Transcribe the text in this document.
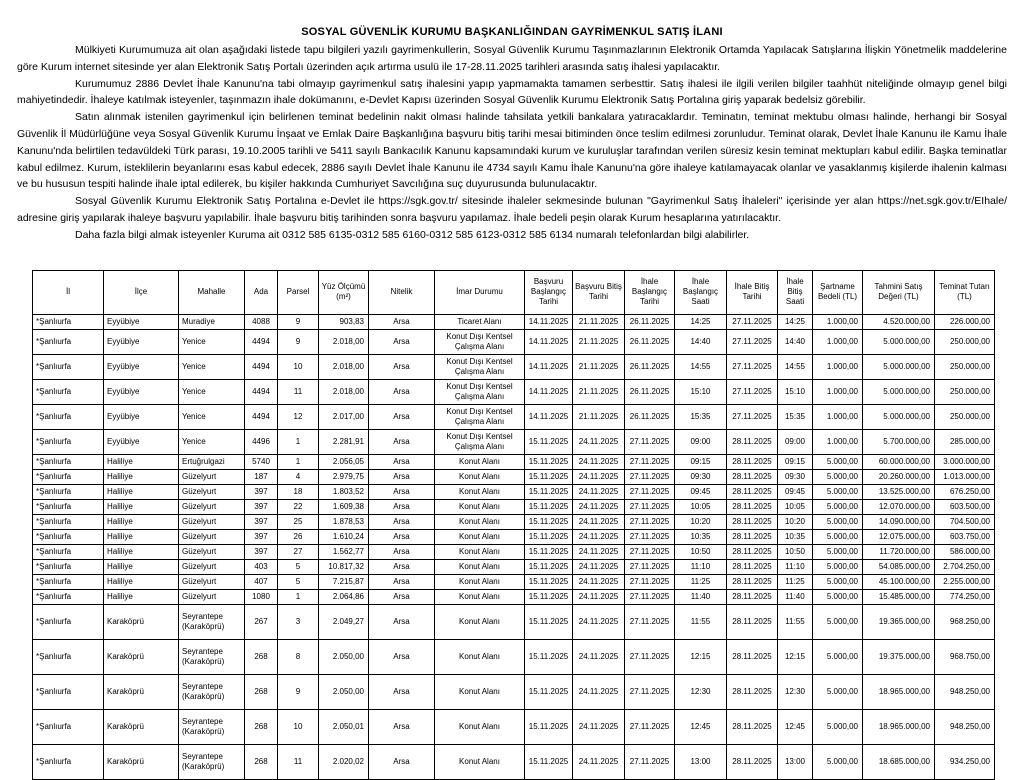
SOSYAL GÜVENLİK KURUMU BAŞKANLIĞINDAN GAYRİMENKUL SATIŞ İLANI

Mülkiyeti Kurumumuza ait olan aşağıdaki listede tapu bilgileri yazılı gayrimenkullerin, Sosyal Güvenlik Kurumu Taşınmazlarının Elektronik Ortamda Yapılacak Satışlarına İlişkin Yönetmelik maddelerine göre Kurum internet sitesinde yer alan Elektronik Satış Portalı üzerinden açık artırma usulü ile 17-28.11.2025 tarihleri arasında satış ihalesi yapılacaktır.

Kurumumuz 2886 Devlet İhale Kanunu'na tabi olmayıp gayrimenkul satış ihalesini yapıp yapmamakta tamamen serbesttir. Satış ihalesi ile ilgili verilen bilgiler taahhüt niteliğinde olmayıp genel bilgi mahiyetindedir. İhaleye katılmak isteyenler, taşınmazın ihale dokümanını, e-Devlet Kapısı üzerinden Sosyal Güvenlik Kurumu Elektronik Satış Portalına giriş yaparak bedelsiz görebilir.

Satın alınmak istenilen gayrimenkul için belirlenen teminat bedelinin nakit olması halinde tahsilata yetkili bankalara yatıracaklardır. Teminatın, teminat mektubu olması halinde, herhangi bir Sosyal Güvenlik İl Müdürlüğüne veya Sosyal Güvenlik Kurumu İnşaat ve Emlak Daire Başkanlığına başvuru bitiş tarihi mesai bitiminden önce teslim edilmesi zorunludur. Teminat olarak, Devlet İhale Kanunu ile Kamu İhale Kanunu'nda belirtilen tedavüldeki Türk parası, 19.10.2005 tarihli ve 5411 sayılı Bankacılık Kanunu kapsamındaki kurum ve kuruluşlar tarafından verilen süresiz kesin teminat mektupları kabul edilir. Başka teminatlar kabul edilmez. Kurum, isteklilerin beyanlarını esas kabul edecek, 2886 sayılı Devlet İhale Kanunu ile 4734 sayılı Kamu İhale Kanunu'na göre ihaleye katılamayacak olanlar ve yasaklanmış kişilerde ihalenin kalması ve bu hususun tespiti halinde ihale iptal edilerek, bu kişiler hakkında Cumhuriyet Savcılığına suç duyurusunda bulunulacaktır.

Sosyal Güvenlik Kurumu Elektronik Satış Portalına e-Devlet ile https://sgk.gov.tr/ sitesinde ihaleler sekmesinde bulunan "Gayrimenkul Satış İhaleleri" içerisinde yer alan https://net.sgk.gov.tr/EIhale/ adresine giriş yapılarak ihaleye başvuru yapılabilir. İhale başvuru bitiş tarihinden sonra başvuru yapılamaz. İhale bedeli peşin olarak Kurum hesaplarına yatırılacaktır.

Daha fazla bilgi almak isteyenler Kuruma ait 0312 585 6135-0312 585 6160-0312 585 6123-0312 585 6134 numaralı telefonlardan bilgi alabilirler.

İl	İlçe	Mahalle	Ada	Parsel	Yüz Ölçümü (m²)	Nitelik	İmar Durumu	Başvuru Başlangıç Tarihi	Başvuru Bitiş Tarihi	İhale Başlangıç Tarihi	İhale Başlangıç Saati	İhale Bitiş Tarihi	İhale Bitiş Saati	Şartname Bedeli (TL)	Tahmini Satış Değeri (TL)	Teminat Tutarı (TL)
*Şanlıurfa	Eyyübiye	Muradiye	4088	9	903,83	Arsa	Ticaret Alanı	14.11.2025	21.11.2025	26.11.2025	14:25	27.11.2025	14:25	1.000,00	4.520.000,00	226.000,00
*Şanlıurfa	Eyyübiye	Yenice	4494	9	2.018,00	Arsa	Konut Dışı Kentsel Çalışma Alanı	14.11.2025	21.11.2025	26.11.2025	14:40	27.11.2025	14:40	1.000,00	5.000.000,00	250.000,00
*Şanlıurfa	Eyyübiye	Yenice	4494	10	2.018,00	Arsa	Konut Dışı Kentsel Çalışma Alanı	14.11.2025	21.11.2025	26.11.2025	14:55	27.11.2025	14:55	1.000,00	5.000.000,00	250.000,00
*Şanlıurfa	Eyyübiye	Yenice	4494	11	2.018,00	Arsa	Konut Dışı Kentsel Çalışma Alanı	14.11.2025	21.11.2025	26.11.2025	15:10	27.11.2025	15:10	1.000,00	5.000.000,00	250.000,00
*Şanlıurfa	Eyyübiye	Yenice	4494	12	2.017,00	Arsa	Konut Dışı Kentsel Çalışma Alanı	14.11.2025	21.11.2025	26.11.2025	15:35	27.11.2025	15:35	1.000,00	5.000.000,00	250.000,00
*Şanlıurfa	Eyyübiye	Yenice	4496	1	2.281,91	Arsa	Konut Dışı Kentsel Çalışma Alanı	15.11.2025	24.11.2025	27.11.2025	09:00	28.11.2025	09:00	1.000,00	5.700.000,00	285.000,00
*Şanlıurfa	Haliliye	Ertuğrulgazi	5740	1	2.056,05	Arsa	Konut Alanı	15.11.2025	24.11.2025	27.11.2025	09:15	28.11.2025	09:15	5.000,00	60.000.000,00	3.000.000,00
*Şanlıurfa	Haliliye	Güzelyurt	187	4	2.979,75	Arsa	Konut Alanı	15.11.2025	24.11.2025	27.11.2025	09:30	28.11.2025	09:30	5.000,00	20.260.000,00	1.013.000,00
*Şanlıurfa	Haliliye	Güzelyurt	397	18	1.803,52	Arsa	Konut Alanı	15.11.2025	24.11.2025	27.11.2025	09:45	28.11.2025	09:45	5.000,00	13.525.000,00	676.250,00
*Şanlıurfa	Haliliye	Güzelyurt	397	22	1.609,38	Arsa	Konut Alanı	15.11.2025	24.11.2025	27.11.2025	10:05	28.11.2025	10:05	5.000,00	12.070.000,00	603.500,00
*Şanlıurfa	Haliliye	Güzelyurt	397	25	1.878,53	Arsa	Konut Alanı	15.11.2025	24.11.2025	27.11.2025	10:20	28.11.2025	10:20	5.000,00	14.090.000,00	704.500,00
*Şanlıurfa	Haliliye	Güzelyurt	397	26	1.610,24	Arsa	Konut Alanı	15.11.2025	24.11.2025	27.11.2025	10:35	28.11.2025	10:35	5.000,00	12.075.000,00	603.750,00
*Şanlıurfa	Haliliye	Güzelyurt	397	27	1.562,77	Arsa	Konut Alanı	15.11.2025	24.11.2025	27.11.2025	10:50	28.11.2025	10:50	5.000,00	11.720.000,00	586.000,00
*Şanlıurfa	Haliliye	Güzelyurt	403	5	10.817,32	Arsa	Konut Alanı	15.11.2025	24.11.2025	27.11.2025	11:10	28.11.2025	11:10	5.000,00	54.085.000,00	2.704.250,00
*Şanlıurfa	Haliliye	Güzelyurt	407	5	7.215,87	Arsa	Konut Alanı	15.11.2025	24.11.2025	27.11.2025	11:25	28.11.2025	11:25	5.000,00	45.100.000,00	2.255.000,00
*Şanlıurfa	Haliliye	Güzelyurt	1080	1	2.064,86	Arsa	Konut Alanı	15.11.2025	24.11.2025	27.11.2025	11:40	28.11.2025	11:40	5.000,00	15.485.000,00	774.250,00
*Şanlıurfa	Karaköprü	Seyrantepe (Karaköprü)	267	3	2.049,27	Arsa	Konut Alanı	15.11.2025	24.11.2025	27.11.2025	11:55	28.11.2025	11:55	5.000,00	19.365.000,00	968.250,00
*Şanlıurfa	Karaköprü	Seyrantepe (Karaköprü)	268	8	2.050,00	Arsa	Konut Alanı	15.11.2025	24.11.2025	27.11.2025	12:15	28.11.2025	12:15	5.000,00	19.375.000,00	968.750,00
*Şanlıurfa	Karaköprü	Seyrantepe (Karaköprü)	268	9	2.050,00	Arsa	Konut Alanı	15.11.2025	24.11.2025	27.11.2025	12:30	28.11.2025	12:30	5.000,00	18.965.000,00	948.250,00
*Şanlıurfa	Karaköprü	Seyrantepe (Karaköprü)	268	10	2.050,01	Arsa	Konut Alanı	15.11.2025	24.11.2025	27.11.2025	12:45	28.11.2025	12:45	5.000,00	18.965.000,00	948.250,00
*Şanlıurfa	Karaköprü	Seyrantepe (Karaköprü)	268	11	2.020,02	Arsa	Konut Alanı	15.11.2025	24.11.2025	27.11.2025	13:00	28.11.2025	13:00	5.000,00	18.685.000,00	934.250,00
